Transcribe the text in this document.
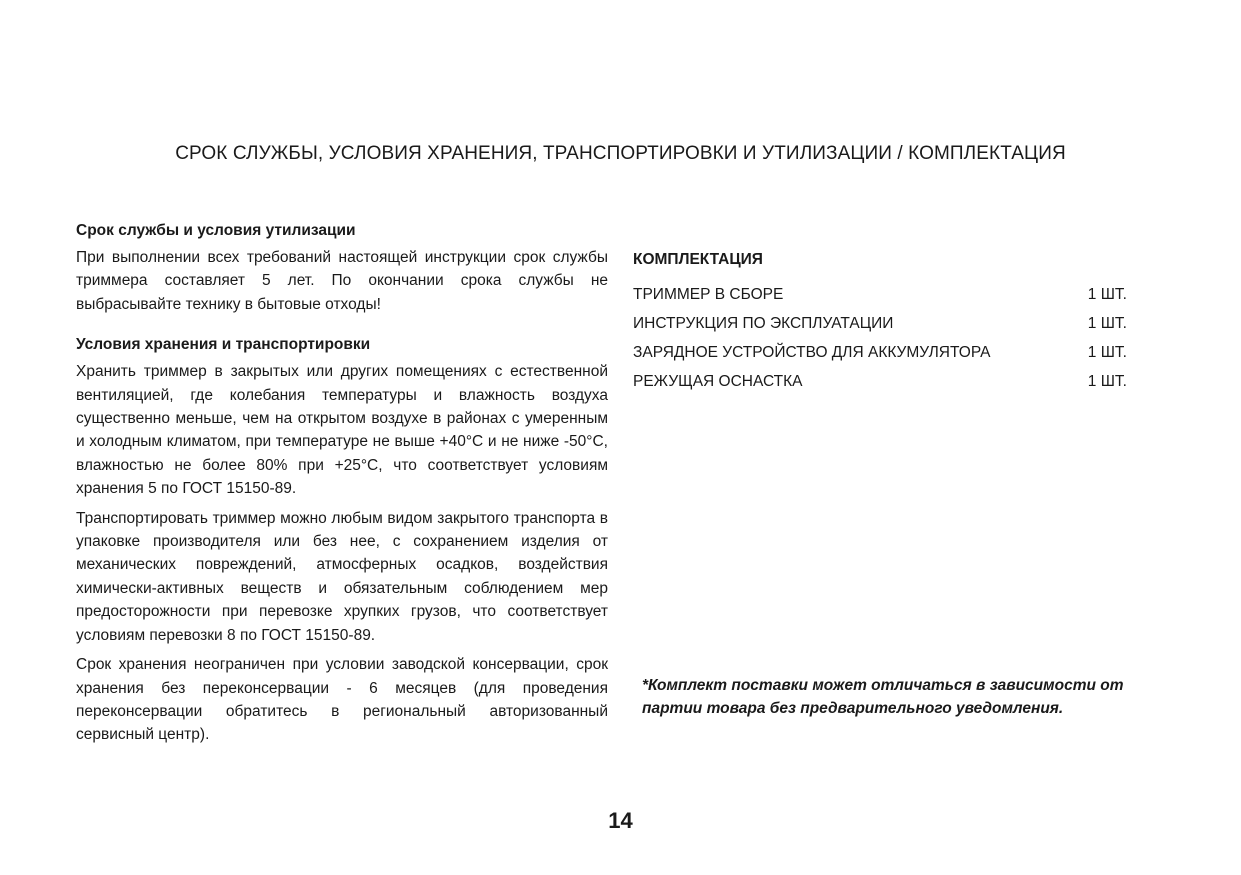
СРОК СЛУЖБЫ, УСЛОВИЯ ХРАНЕНИЯ, ТРАНСПОРТИРОВКИ И УТИЛИЗАЦИИ / КОМПЛЕКТАЦИЯ
Срок службы и условия утилизации

При выполнении всех требований настоящей инструкции срок службы триммера составляет 5 лет. По окончании срока службы не выбрасывайте технику в бытовые отходы!

Условия хранения и транспортировки

Хранить триммер в закрытых или других помещениях с естественной вентиляцией, где колебания температуры и влажность воздуха существенно меньше, чем на открытом воздухе в районах с умеренным и холодным климатом, при температуре не выше +40°С и не ниже -50°С, влажностью не более 80% при +25°С, что соответствует условиям хранения 5 по ГОСТ 15150-89.

Транспортировать триммер можно любым видом закрытого транспорта в упаковке производителя или без нее, с сохранением изделия от механических повреждений, атмосферных осадков, воздействия химически-активных веществ и обязательным соблюдением мер предосторожности при перевозке хрупких грузов, что соответствует условиям перевозки 8 по ГОСТ 15150-89.

Срок хранения неограничен при условии заводской консервации, срок хранения без переконсервации - 6 месяцев (для проведения переконсервации обратитесь в региональный авторизованный сервисный центр).

КОМПЛЕКТАЦИЯ
ТРИММЕР В СБОРЕ	1 ШТ.
ИНСТРУКЦИЯ ПО ЭКСПЛУАТАЦИИ	1 ШТ.
ЗАРЯДНОЕ УСТРОЙСТВО ДЛЯ АККУМУЛЯТОРА	1 ШТ.
РЕЖУЩАЯ ОСНАСТКА	1 ШТ.
*Комплект поставки может отличаться в зависимости от партии товара без предварительного уведомления.
14
